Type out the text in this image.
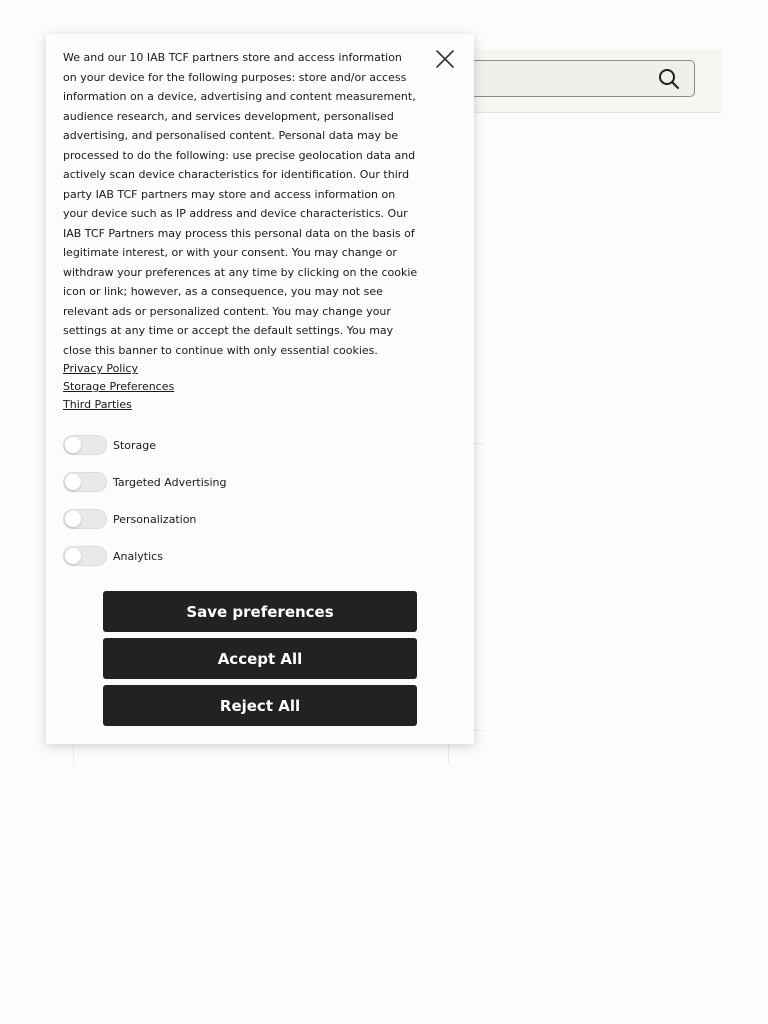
We and our 10 IAB TCF partners store and access information on your device for the following purposes: store and/or access information on a device, advertising and content measurement, audience research, and services development, personalised advertising, and personalised content. Personal data may be processed to do the following: use precise geolocation data and actively scan device characteristics for identification. Our third party IAB TCF partners may store and access information on your device such as IP address and device characteristics. Our IAB TCF Partners may process this personal data on the basis of legitimate interest, or with your consent. You may change or withdraw your preferences at any time by clicking on the cookie icon or link; however, as a consequence, you may not see relevant ads or personalized content. You may change your settings at any time or accept the default settings. You may close this banner to continue with only essential cookies.

Privacy Policy
Storage Preferences
Third Parties
Storage
Targeted Advertising
Personalization
Analytics
Save preferences
Accept All
Reject All
